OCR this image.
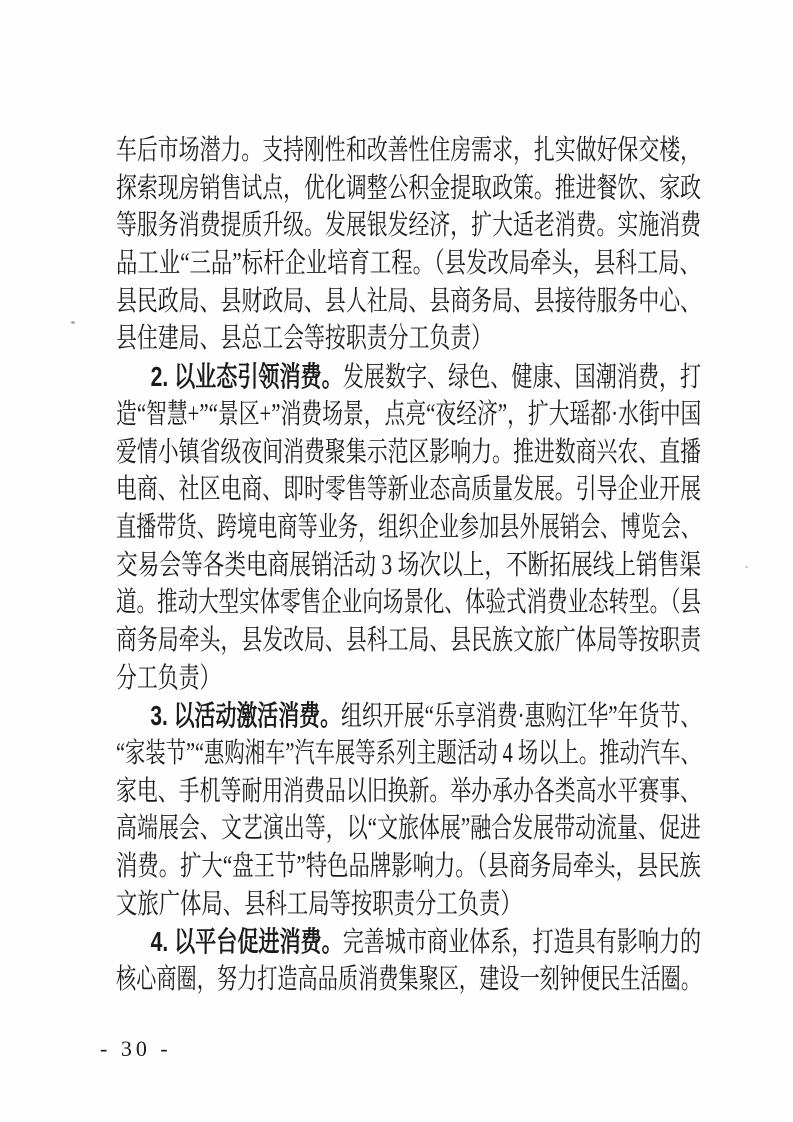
车后市场潜力。支持刚性和改善性住房需求，扎实做好保交楼，
探索现房销售试点，优化调整公积金提取政策。推进餐饮、家政
等服务消费提质升级。发展银发经济，扩大适老消费。实施消费
品工业“三品”标杆企业培育工程。（县发改局牵头，县科工局、
县民政局、县财政局、县人社局、县商务局、县接待服务中心、
县住建局、县总工会等按职责分工负责）
2. 以业态引领消费。发展数字、绿色、健康、国潮消费，打
造“智慧+”“景区+”消费场景，点亮“夜经济”，扩大瑶都·水街中国
爱情小镇省级夜间消费聚集示范区影响力。推进数商兴农、直播
电商、社区电商、即时零售等新业态高质量发展。引导企业开展
直播带货、跨境电商等业务，组织企业参加县外展销会、博览会、
交易会等各类电商展销活动 3 场次以上，不断拓展线上销售渠
道。推动大型实体零售企业向场景化、体验式消费业态转型。（县
商务局牵头，县发改局、县科工局、县民族文旅广体局等按职责
分工负责）
3. 以活动激活消费。组织开展“乐享消费·惠购江华”年货节、
“家装节”“惠购湘车”汽车展等系列主题活动 4 场以上。推动汽车、
家电、手机等耐用消费品以旧换新。举办承办各类高水平赛事、
高端展会、文艺演出等，以“文旅体展”融合发展带动流量、促进
消费。扩大“盘王节”特色品牌影响力。（县商务局牵头，县民族
文旅广体局、县科工局等按职责分工负责）
4. 以平台促进消费。完善城市商业体系，打造具有影响力的
核心商圈，努力打造高品质消费集聚区，建设一刻钟便民生活圈。
- 30 -
